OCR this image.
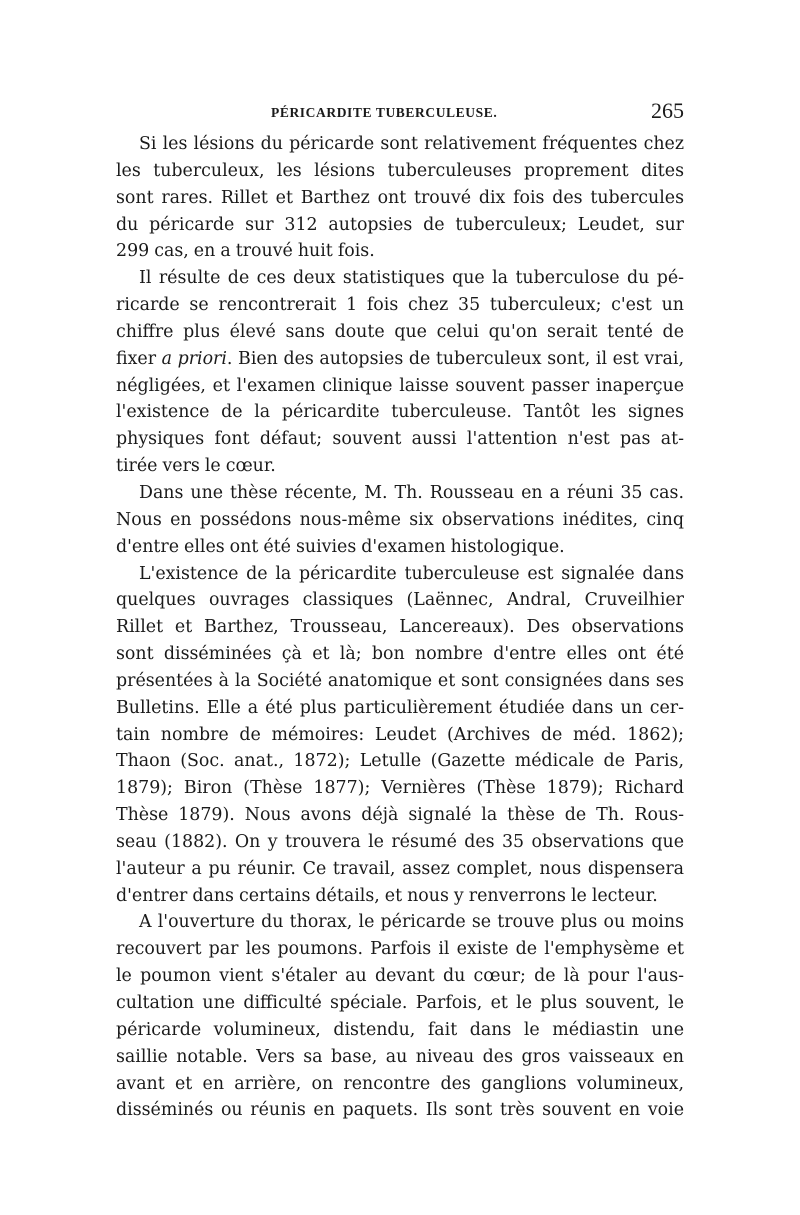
PÉRICARDITE TUBERCULEUSE.	265

Si les lésions du péricarde sont relativement fréquentes chez

les tuberculeux, les lésions tuberculeuses proprement dites

sont rares. Rillet et Barthez ont trouvé dix fois des tubercules

du péricarde sur 312 autopsies de tuberculeux; Leudet, sur

299 cas, en a trouvé huit fois.

Il résulte de ces deux statistiques que la tuberculose du pé-

ricarde se rencontrerait 1 fois chez 35 tuberculeux; c'est un

chiffre plus élevé sans doute que celui qu'on serait tenté de

fixer a priori. Bien des autopsies de tuberculeux sont, il est vrai,

négligées, et l'examen clinique laisse souvent passer inaperçue

l'existence de la péricardite tuberculeuse. Tantôt les signes

physiques font défaut; souvent aussi l'attention n'est pas at-

tirée vers le cœur.

Dans une thèse récente, M. Th. Rousseau en a réuni 35 cas.

Nous en possédons nous-même six observations inédites, cinq

d'entre elles ont été suivies d'examen histologique.

L'existence de la péricardite tuberculeuse est signalée dans

quelques ouvrages classiques (Laënnec, Andral, Cruveilhier

Rillet et Barthez, Trousseau, Lancereaux). Des observations

sont disséminées çà et là; bon nombre d'entre elles ont été

présentées à la Société anatomique et sont consignées dans ses

Bulletins. Elle a été plus particulièrement étudiée dans un cer-

tain nombre de mémoires: Leudet (Archives de méd. 1862);

Thaon (Soc. anat., 1872); Letulle (Gazette médicale de Paris,

1879); Biron (Thèse 1877); Vernières (Thèse 1879); Richard

Thèse 1879). Nous avons déjà signalé la thèse de Th. Rous-

seau (1882). On y trouvera le résumé des 35 observations que

l'auteur a pu réunir. Ce travail, assez complet, nous dispensera

d'entrer dans certains détails, et nous y renverrons le lecteur.

A l'ouverture du thorax, le péricarde se trouve plus ou moins

recouvert par les poumons. Parfois il existe de l'emphysème et

le poumon vient s'étaler au devant du cœur; de là pour l'aus-

cultation une difficulté spéciale. Parfois, et le plus souvent, le

péricarde volumineux, distendu, fait dans le médiastin une

saillie notable. Vers sa base, au niveau des gros vaisseaux en

avant et en arrière, on rencontre des ganglions volumineux,

disséminés ou réunis en paquets. Ils sont très souvent en voie
